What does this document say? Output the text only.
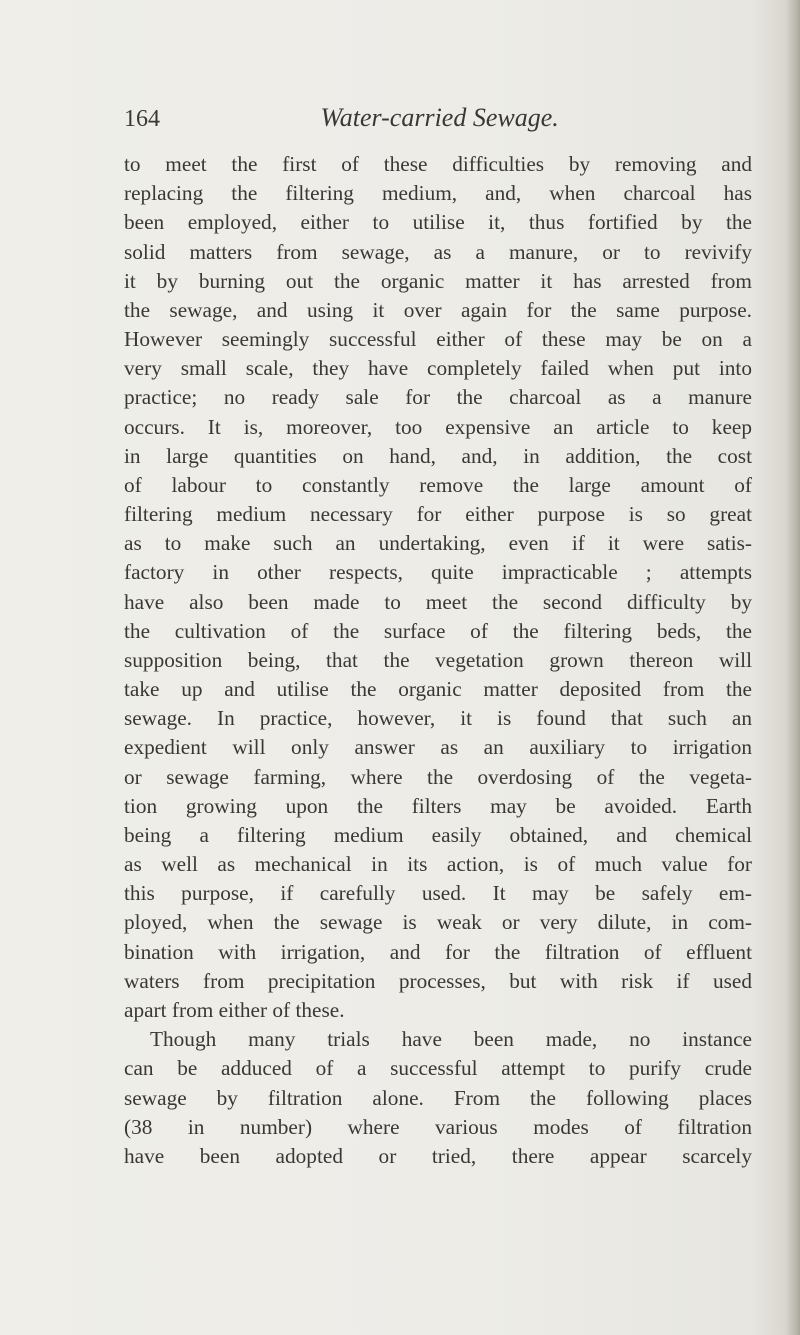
164	Water-carried Sewage.
to meet the first of these difficulties by removing and
replacing the filtering medium, and, when charcoal has
been employed, either to utilise it, thus fortified by the
solid matters from sewage, as a manure, or to revivify
it by burning out the organic matter it has arrested from
the sewage, and using it over again for the same purpose.
However seemingly successful either of these may be on a
very small scale, they have completely failed when put into
practice; no ready sale for the charcoal as a manure
occurs. It is, moreover, too expensive an article to keep
in large quantities on hand, and, in addition, the cost
of labour to constantly remove the large amount of
filtering medium necessary for either purpose is so great
as to make such an undertaking, even if it were satis-
factory in other respects, quite impracticable ; attempts
have also been made to meet the second difficulty by
the cultivation of the surface of the filtering beds, the
supposition being, that the vegetation grown thereon will
take up and utilise the organic matter deposited from the
sewage. In practice, however, it is found that such an
expedient will only answer as an auxiliary to irrigation
or sewage farming, where the overdosing of the vegeta-
tion growing upon the filters may be avoided. Earth
being a filtering medium easily obtained, and chemical
as well as mechanical in its action, is of much value for
this purpose, if carefully used. It may be safely em-
ployed, when the sewage is weak or very dilute, in com-
bination with irrigation, and for the filtration of effluent
waters from precipitation processes, but with risk if used
apart from either of these.
Though many trials have been made, no instance
can be adduced of a successful attempt to purify crude
sewage by filtration alone. From the following places
(38 in number) where various modes of filtration
have been adopted or tried, there appear scarcely
